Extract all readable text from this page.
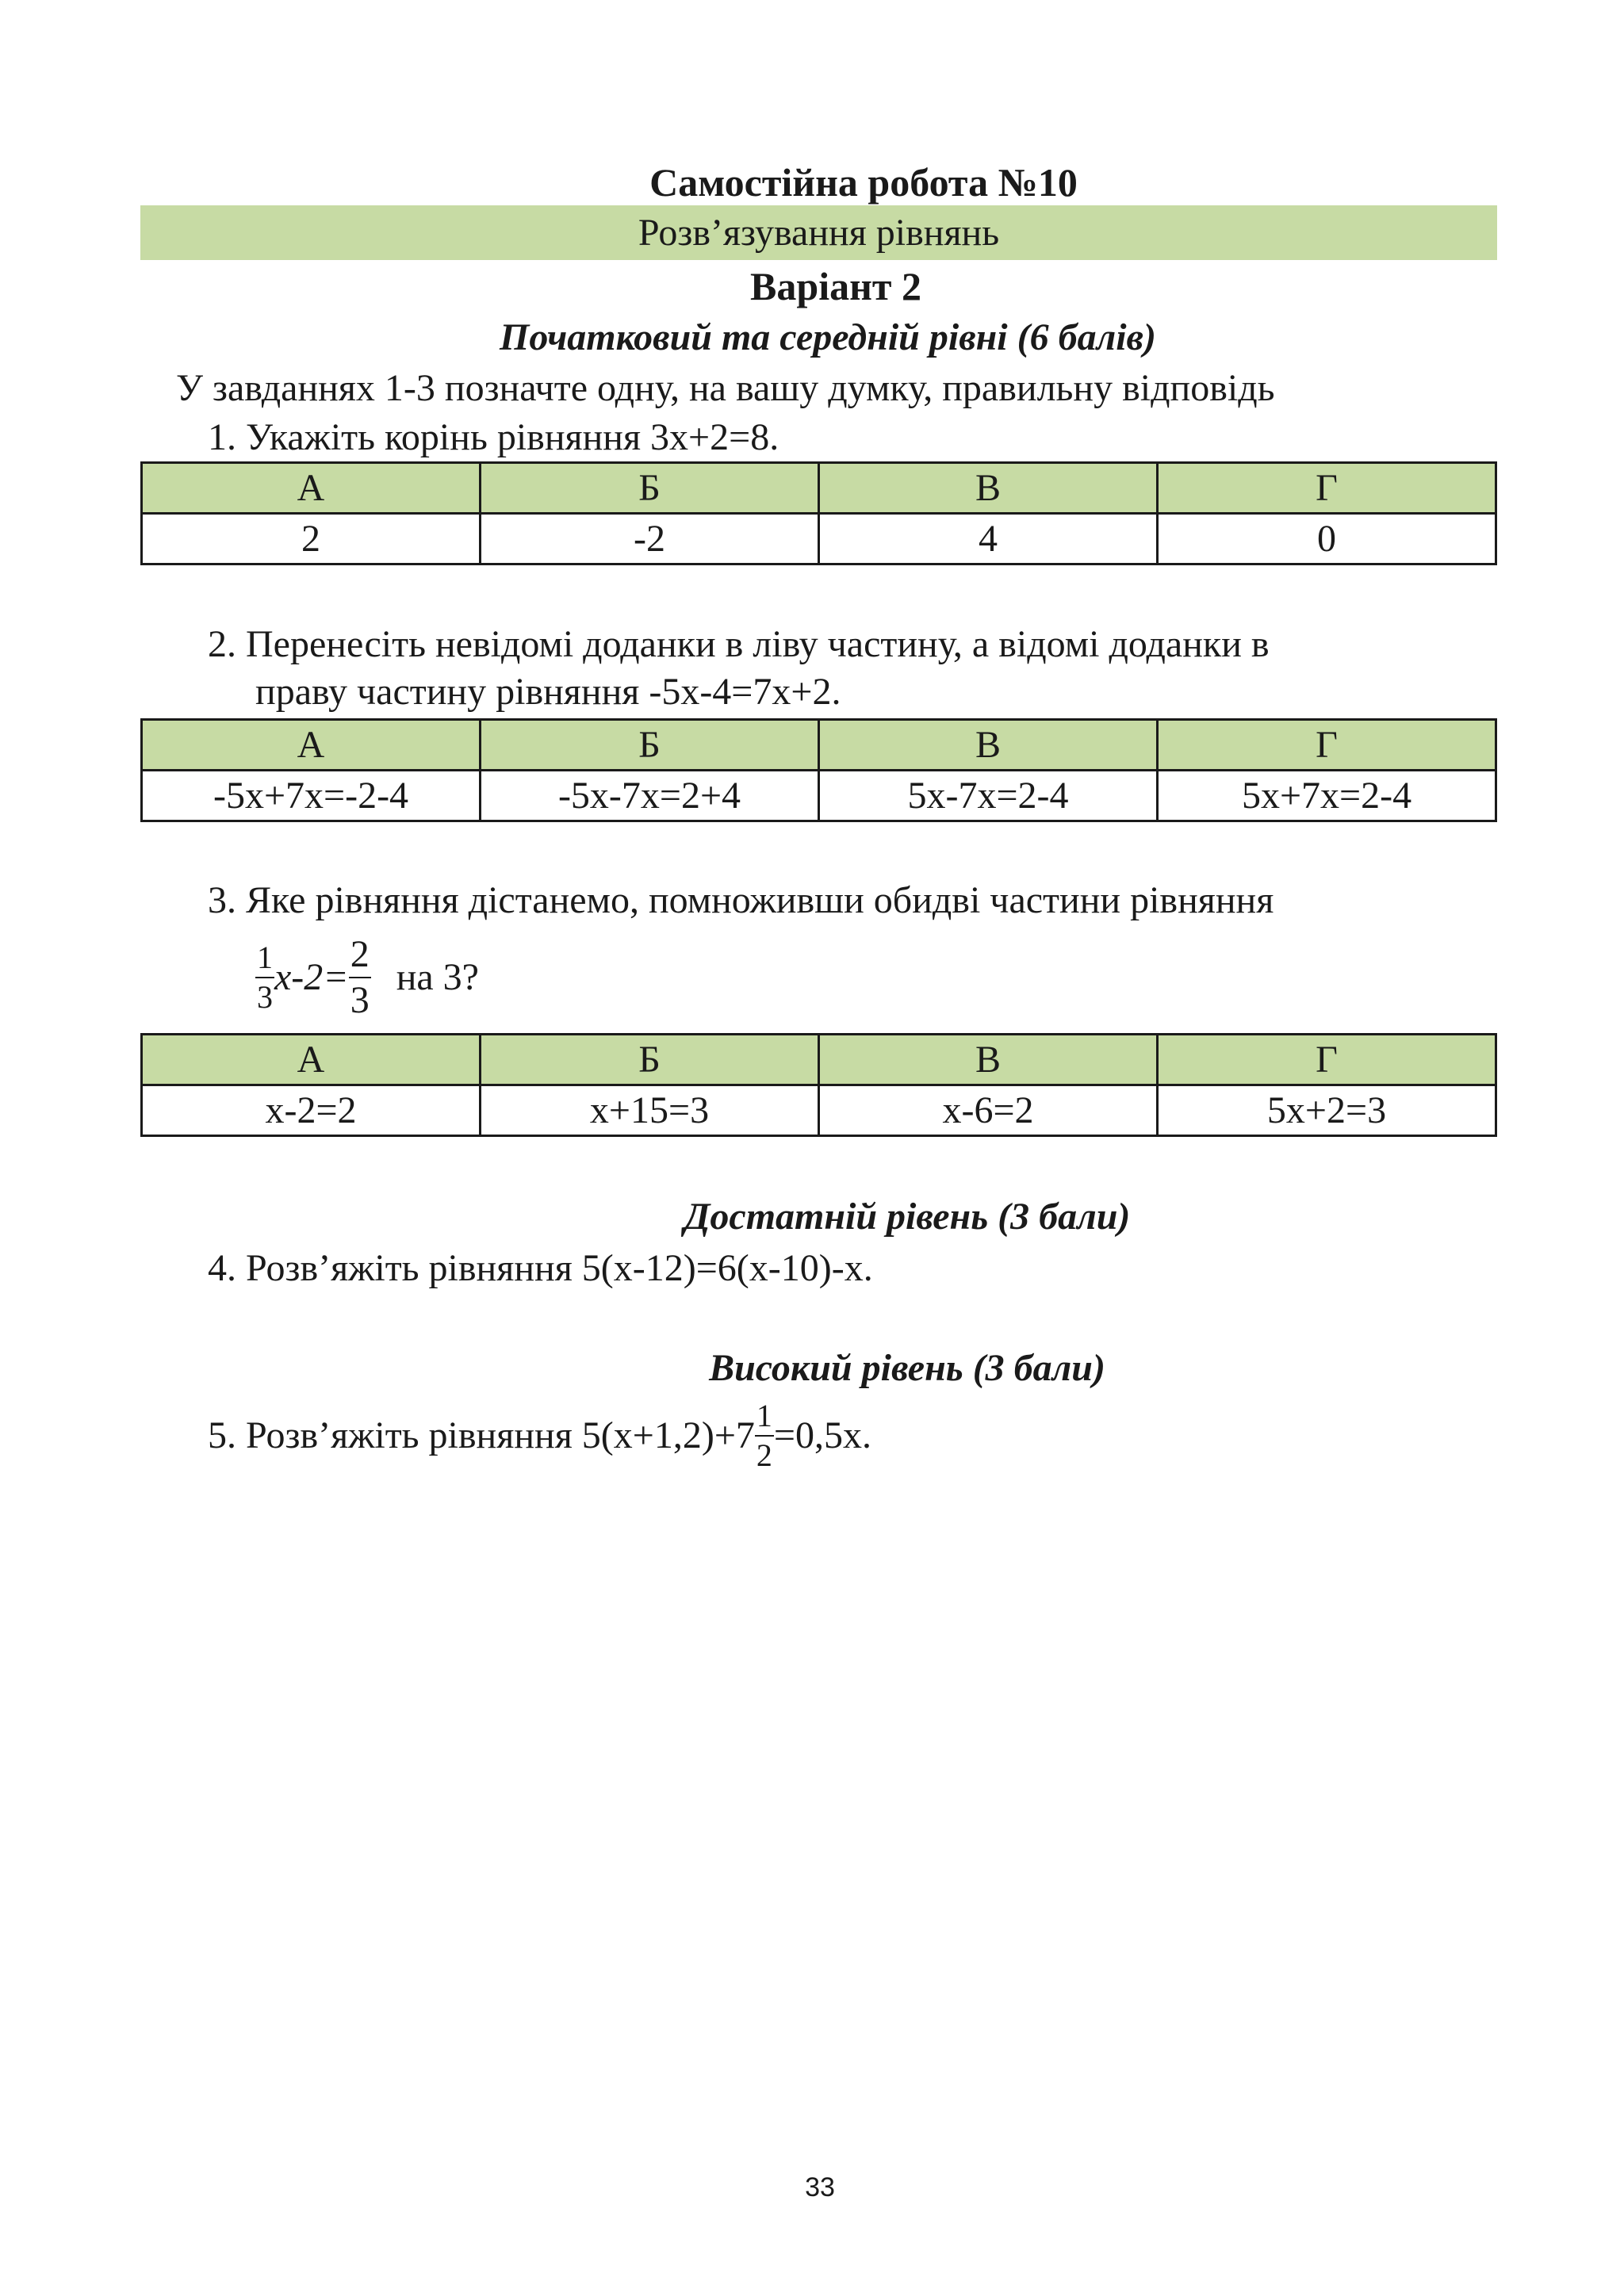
Самостійна робота №10
Розв’язування рівнянь
Варіант 2
Початковий та середній рівні (6 балів)
У завданнях 1-3 позначте одну, на вашу думку, правильну відповідь
1. Укажіть корінь рівняння 3x+2=8.
А	Б	В	Г
2	-2	4	0
2. Перенесіть невідомі доданки в ліву частину, а відомі доданки в
праву частину рівняння -5x-4=7x+2.
А	Б	В	Г
-5x+7x=-2-4	-5x-7x=2+4	5x-7x=2-4	5x+7x=2-4
3. Яке рівняння дістанемо, помноживши обидві частини рівняння
$\frac{1}{3} x-2= \frac{2}{3}$ на 3?
А	Б	В	Г
x-2=2	x+15=3	x-6=2	5x+2=3
Достатній рівень (3 бали)
4. Розв’яжіть рівняння 5(x-12)=6(x-10)-x.
Високий рівень (3 бали)
5. Розв’яжіть рівняння $5(x+1,2)+7 \frac{1}{2} =0,5x$.
33
